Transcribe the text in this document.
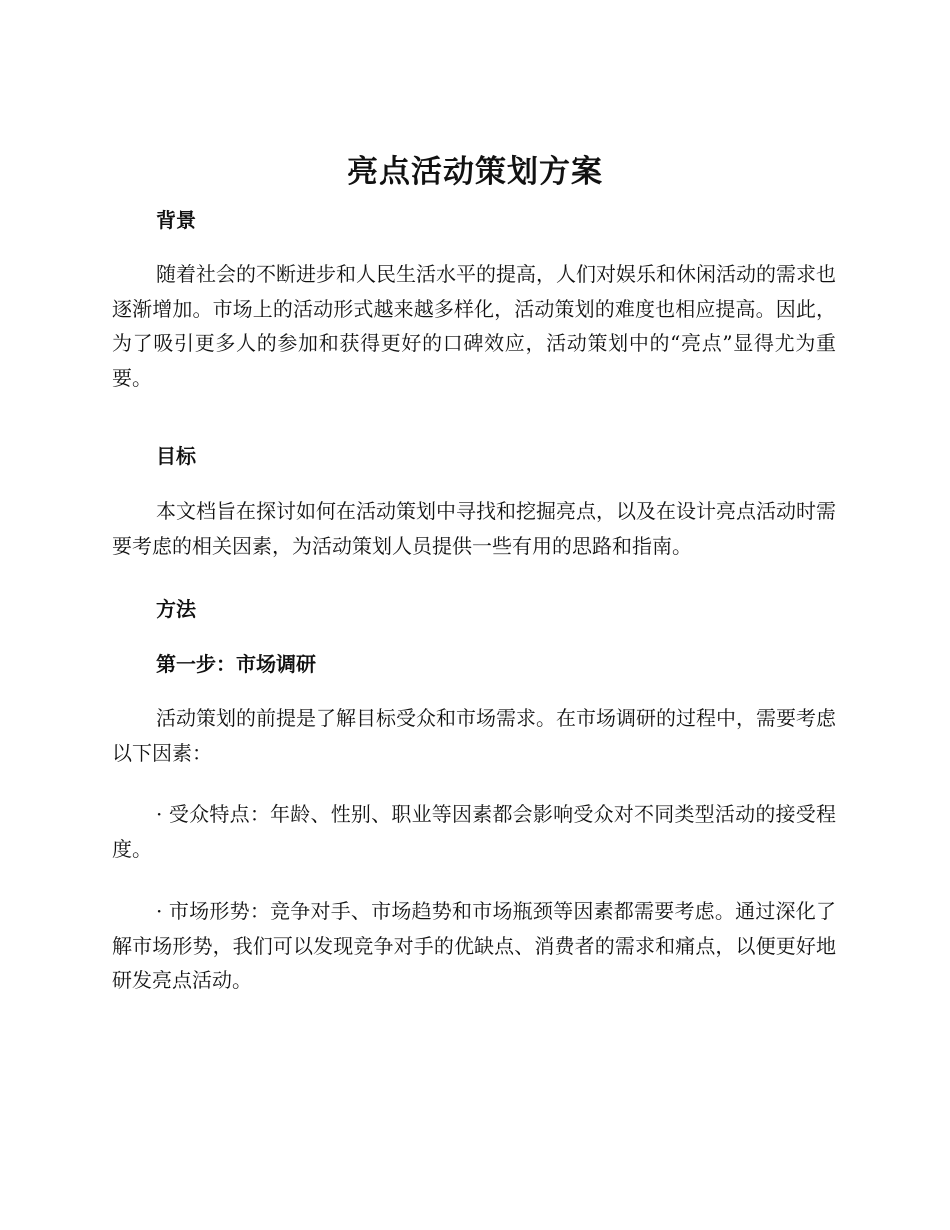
亮点活动策划方案
背景

随着社会的不断进步和人民生活水平的提高，人们对娱乐和休闲活动的需求也逐渐增加。市场上的活动形式越来越多样化，活动策划的难度也相应提高。因此，为了吸引更多人的参加和获得更好的口碑效应，活动策划中的“亮点”显得尤为重要。

目标

本文档旨在探讨如何在活动策划中寻找和挖掘亮点，以及在设计亮点活动时需要考虑的相关因素，为活动策划人员提供一些有用的思路和指南。

方法
第一步：市场调研

活动策划的前提是了解目标受众和市场需求。在市场调研的过程中，需要考虑以下因素：

· 受众特点：年龄、性别、职业等因素都会影响受众对不同类型活动的接受程度。

· 市场形势：竞争对手、市场趋势和市场瓶颈等因素都需要考虑。通过深化了解市场形势，我们可以发现竞争对手的优缺点、消费者的需求和痛点，以便更好地研发亮点活动。
